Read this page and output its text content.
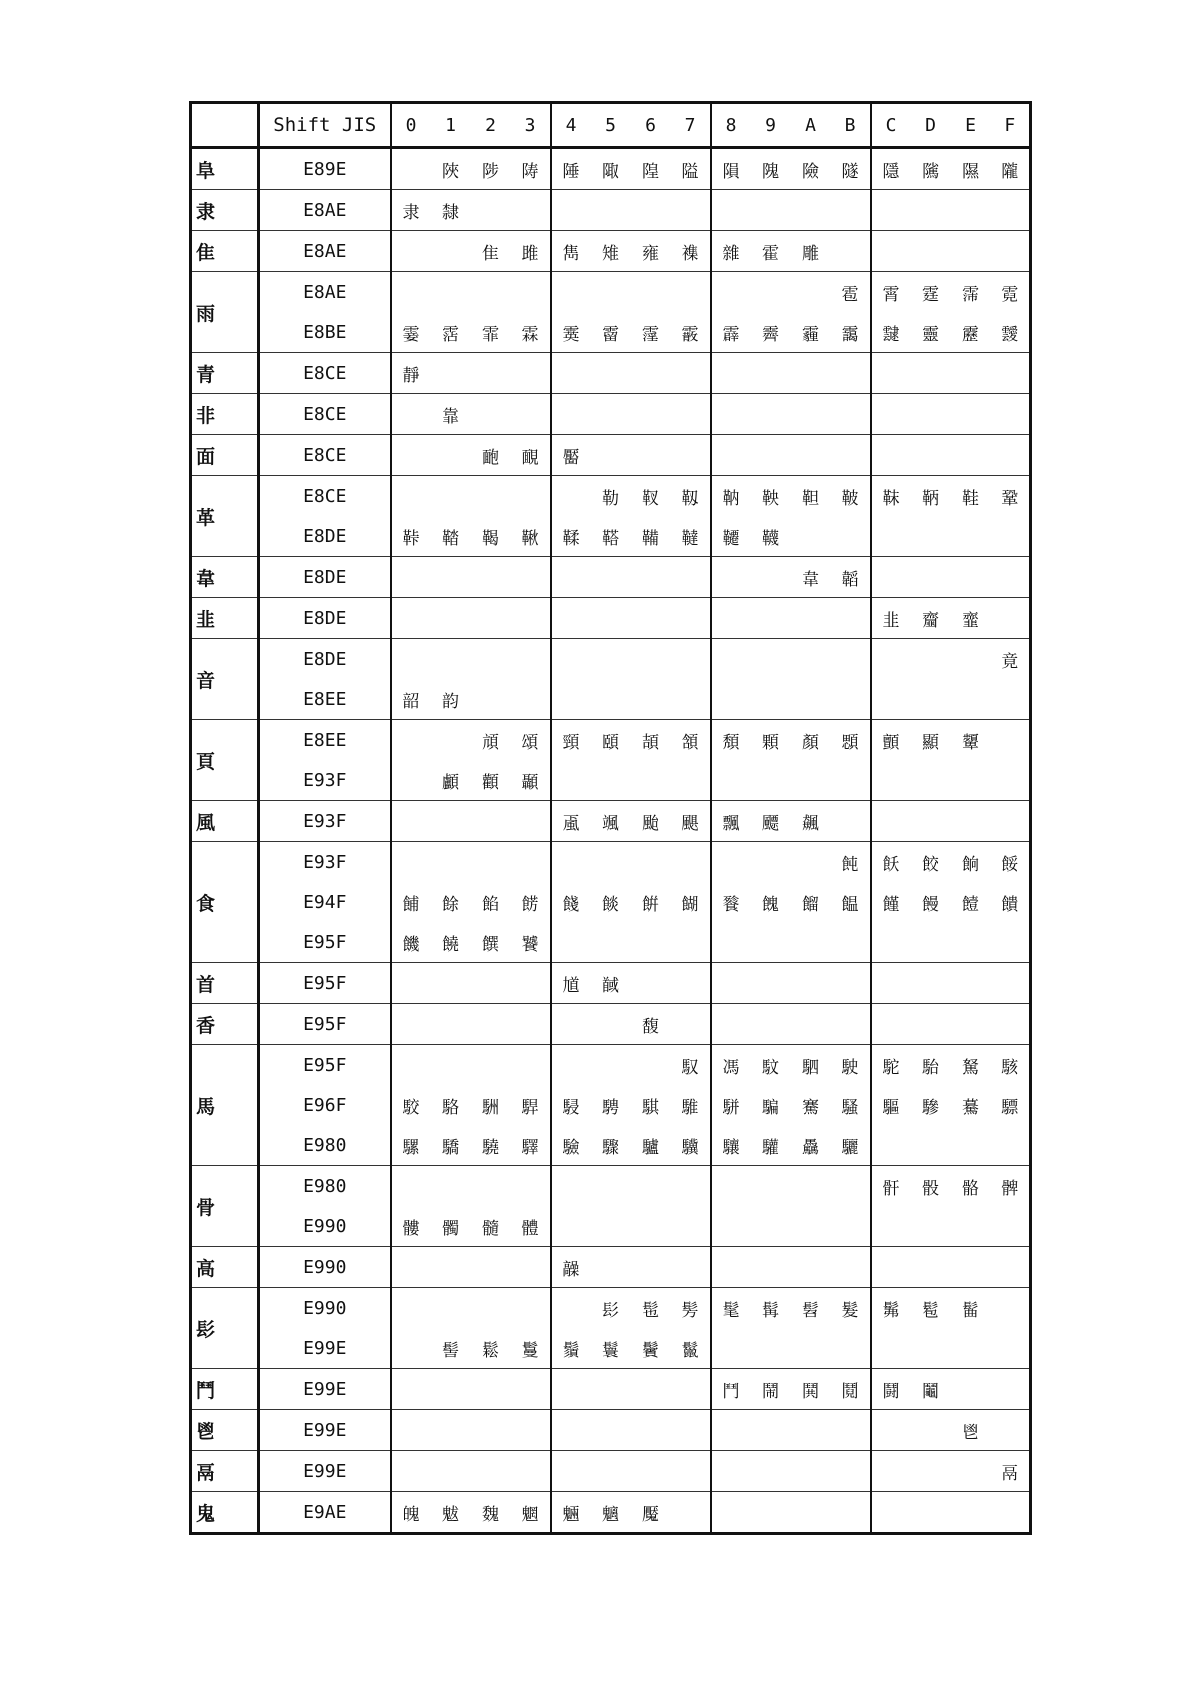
	Shift JIS	0	1	2	3	4	5	6	7	8	9	A	B	C	D	E	F
阜	E89E		陜	陟	陦	陲	陬	隍	隘	隕	隗	險	隧	隱	隲	隰	隴
隶	E8AE	隶	隸														
隹	E8AE			隹	雎	雋	雉	雍	襍	雜	霍	雕					
雨	E8AE												雹	霄	霆	霈	霓
	E8BE	霎	霑	霏	霖	霙	霤	霪	霰	霹	霽	霾	靄	靆	靈	靂	靉
青	E8CE	靜															
非	E8CE		靠														
面	E8CE			靤	靦	靨											
革	E8CE						勒	靫	靱	靹	鞅	靼	鞁	靺	鞆	鞋	鞏
	E8DE	鞐	鞜	鞨	鞦	鞣	鞳	鞴	韃	韆	韈						
韋	E8DE											韋	韜				
韭	E8DE													韭	齏	韲	
音	E8DE																竟
	E8EE	韶	韵														
頁	E8EE			頏	頌	頸	頤	頡	頷	頽	顆	顏	顋	顫	顯	顰	
	E93F		顱	顴	顳												
風	E93F					颪	颯	颱	颶	飄	飃	飆					
食	E93F												飩	飫	餃	餉	餒
	E94F	餔	餘	餡	餝	餞	餤	餠	餬	餮	餽	餾	饂	饉	饅	饐	饋
	E95F	饑	饒	饌	饕												
首	E95F					馗	馘										
香	E95F							馥									
馬	E95F								馭	馮	馼	駟	駛	駝	駘	駑	駭
	E96F	駮	駱	駲	駻	駸	騁	騏	騅	駢	騙	騫	騷	驅	驂	驀	驃
	E980	騾	驕	驍	驛	驗	驟	驢	驥	驤	驩	驫	驪				
骨	E980													骭	骰	骼	髀
	E990	髏	髑	髓	體												
高	E990					髞											
髟	E990						髟	髢	髣	髦	髯	髫	髮	髴	髱	髷	
	E99E		髻	鬆	鬘	鬚	鬟	鬢	鬣								
鬥	E99E									鬥	鬧	鬨	鬩	鬪	鬮		
鬯	E99E															鬯	
鬲	E99E																鬲
鬼	E9AE	魄	魃	魏	魍	魎	魑	魘									
